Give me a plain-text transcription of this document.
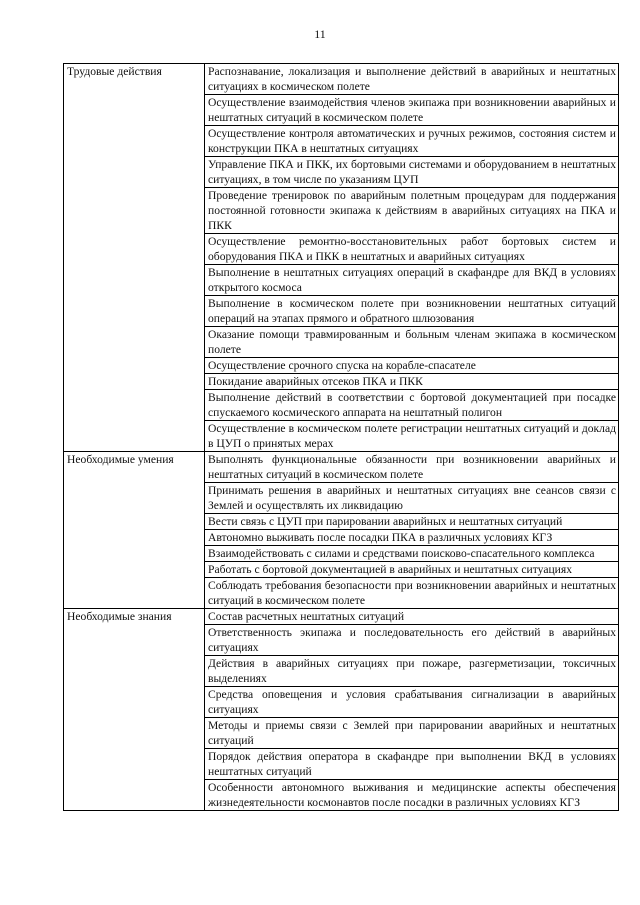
11
Трудовые действия	Распознавание, локализация и выполнение действий в аварийных и нештатных ситуациях в космическом полете
	Осуществление взаимодействия членов экипажа при возникновении аварийных и нештатных ситуаций в космическом полете
	Осуществление контроля автоматических и ручных режимов, состояния систем и конструкции ПКА в нештатных ситуациях
	Управление ПКА и ПКК, их бортовыми системами и оборудованием в нештатных ситуациях, в том числе по указаниям ЦУП
	Проведение тренировок по аварийным полетным процедурам для поддержания постоянной готовности экипажа к действиям в аварийных ситуациях на ПКА и ПКК
	Осуществление ремонтно-восстановительных работ бортовых систем и оборудования ПКА и ПКК в нештатных и аварийных ситуациях
	Выполнение в нештатных ситуациях операций в скафандре для ВКД в условиях открытого космоса
	Выполнение в космическом полете при возникновении нештатных ситуаций операций на этапах прямого и обратного шлюзования
	Оказание помощи травмированным и больным членам экипажа в космическом полете
	Осуществление срочного спуска на корабле-спасателе
	Покидание аварийных отсеков ПКА и ПКК
	Выполнение действий в соответствии с бортовой документацией при посадке спускаемого космического аппарата на нештатный полигон
	Осуществление в космическом полете регистрации нештатных ситуаций и доклад в ЦУП о принятых мерах
Необходимые умения	Выполнять функциональные обязанности при возникновении аварийных и нештатных ситуаций в космическом полете
	Принимать решения в аварийных и нештатных ситуациях вне сеансов связи с Землей и осуществлять их ликвидацию
	Вести связь с ЦУП при парировании аварийных и нештатных ситуаций
	Автономно выживать после посадки ПКА в различных условиях КГЗ
	Взаимодействовать с силами и средствами поисково-спасательного комплекса
	Работать с бортовой документацией в аварийных и нештатных ситуациях
	Соблюдать требования безопасности при возникновении аварийных и нештатных ситуаций в космическом полете
Необходимые знания	Состав расчетных нештатных ситуаций
	Ответственность экипажа и последовательность его действий в аварийных ситуациях
	Действия в аварийных ситуациях при пожаре, разгерметизации, токсичных выделениях
	Средства оповещения и условия срабатывания сигнализации в аварийных ситуациях
	Методы и приемы связи с Землей при парировании аварийных и нештатных ситуаций
	Порядок действия оператора в скафандре при выполнении ВКД в условиях нештатных ситуаций
	Особенности автономного выживания и медицинские аспекты обеспечения жизнедеятельности космонавтов после посадки в различных условиях КГЗ
